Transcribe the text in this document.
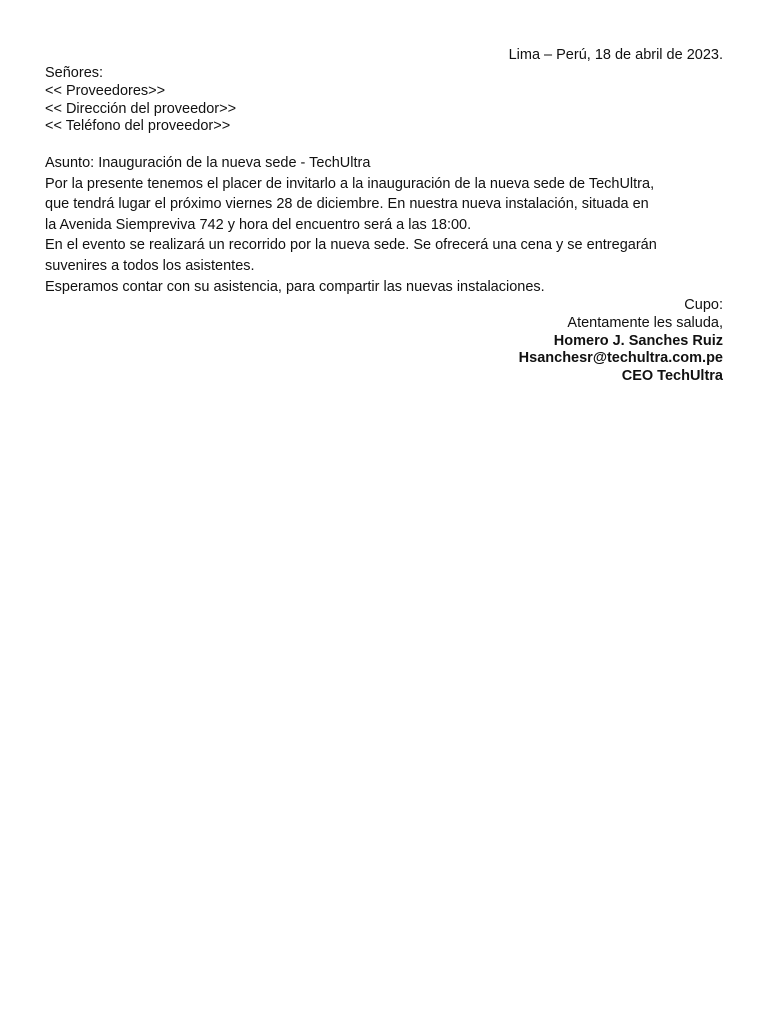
Lima – Perú, 18 de abril de 2023.
Señores:
<< Proveedores>>
<< Dirección del proveedor>>
<< Teléfono del proveedor>>
Asunto: Inauguración de la nueva sede - TechUltra
Por la presente tenemos el placer de invitarlo a la inauguración de la nueva sede de TechUltra,
que tendrá lugar el próximo viernes 28 de diciembre. En nuestra nueva instalación, situada en
la Avenida Siempreviva 742 y hora del encuentro será a las 18:00.
En el evento se realizará un recorrido por la nueva sede. Se ofrecerá una cena y se entregarán
suvenires a todos los asistentes.
Esperamos contar con su asistencia, para compartir las nuevas instalaciones.
Cupo:
Atentamente les saluda,
Homero J. Sanches Ruiz
Hsanchesr@techultra.com.pe
CEO TechUltra
